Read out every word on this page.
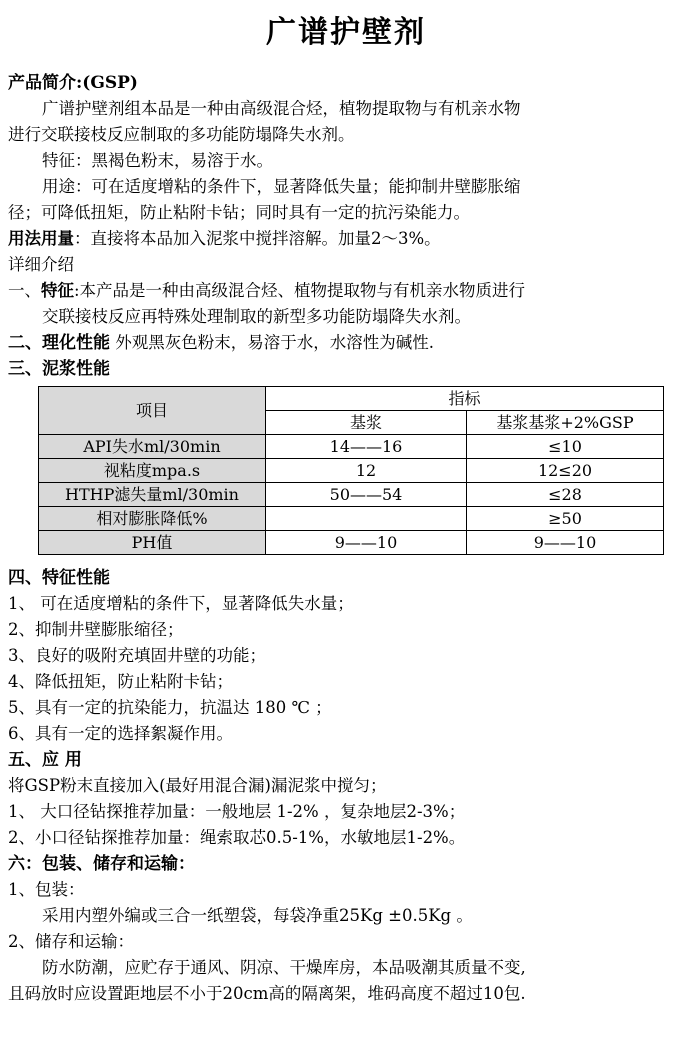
广谱护壁剂

产品简介:(GSP)

广谱护壁剂组本品是一种由高级混合烃，植物提取物与有机亲水物

进行交联接枝反应制取的多功能防塌降失水剂。

特征：黑褐色粉末，易溶于水。

用途：可在适度增粘的条件下，显著降低失量；能抑制井壁膨胀缩

径；可降低扭矩，防止粘附卡钻；同时具有一定的抗污染能力。

用法用量：直接将本品加入泥浆中搅拌溶解。加量2～3%。

详细介绍

一、特征:本产品是一种由高级混合烃、植物提取物与有机亲水物质进行

交联接枝反应再特殊处理制取的新型多功能防塌降失水剂。

二、理化性能 外观黑灰色粉末，易溶于水，水溶性为碱性.

三、泥浆性能

项目	指标	
	基浆	基浆基浆+2%GSP
API失水ml/30min	14——16	≤10
视粘度mpa.s	12	12≤20
HTHP滤失量ml/30min	50——54	≤28
相对膨胀降低%		≥50
PH值	9——10	9——10

四、特征性能

1、 可在适度增粘的条件下，显著降低失水量；

2、抑制井壁膨胀缩径；

3、良好的吸附充填固井壁的功能；

4、降低扭矩，防止粘附卡钻；

5、具有一定的抗染能力，抗温达 180 ℃ ；

6、具有一定的选择絮凝作用。

五、应 用

将GSP粉末直接加入(最好用混合漏)漏泥浆中搅匀；

1、 大口径钻探推荐加量：一般地层 1-2% ，复杂地层2-3%；

2、小口径钻探推荐加量：绳索取芯0.5-1%，水敏地层1-2%。

六：包装、储存和运输：

1、包装：

采用内塑外编或三合一纸塑袋，每袋净重25Kg ±0.5Kg 。

2、储存和运输：

防水防潮，应贮存于通风、阴凉、干燥库房，本品吸潮其质量不变,

且码放时应设置距地层不小于20cm高的隔离架，堆码高度不超过10包.
